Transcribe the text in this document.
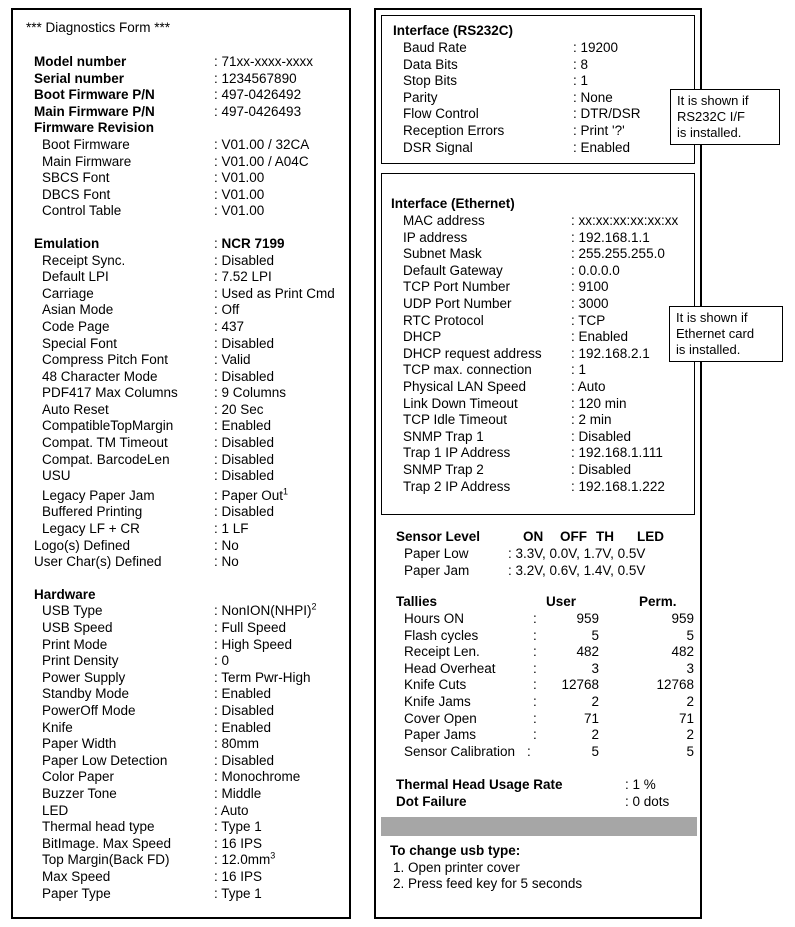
*** Diagnostics Form ***
Model number	: 71xx-xxxx-xxxx
Serial number	: 1234567890
Boot Firmware P/N	: 497-0426492
Main Firmware P/N	: 497-0426493
Firmware Revision
Boot Firmware	: V01.00 / 32CA
Main Firmware	: V01.00 / A04C
SBCS Font	: V01.00
DBCS Font	: V01.00
Control Table	: V01.00
Emulation	: NCR 7199
Receipt Sync.	: Disabled
Default LPI	: 7.52 LPI
Carriage	: Used as Print Cmd
Asian Mode	: Off
Code Page	: 437
Special Font	: Disabled
Compress Pitch Font	: Valid
48 Character Mode	: Disabled
PDF417 Max Columns	: 9 Columns
Auto Reset	: 20 Sec
CompatibleTopMargin	: Enabled
Compat. TM Timeout	: Disabled
Compat. BarcodeLen	: Disabled
USU	: Disabled
Legacy Paper Jam	: Paper Out$^1$
Buffered Printing	: Disabled
Legacy LF + CR	: 1 LF
Logo(s) Defined	: No
User Char(s) Defined	: No
Hardware
USB Type	: NonION(NHPI)$^2$
USB Speed	: Full Speed
Print Mode	: High Speed
Print Density	: 0
Power Supply	: Term Pwr-High
Standby Mode	: Enabled
PowerOff Mode	: Disabled
Knife	: Enabled
Paper Width	: 80mm
Paper Low Detection	: Disabled
Color Paper	: Monochrome
Buzzer Tone	: Middle
LED	: Auto
Thermal head type	: Type 1
BitImage. Max Speed	: 16 IPS
Top Margin(Back FD)	: $12.0mm^3$
Max Speed	: 16 IPS
Paper Type	: Type 1
Interface (RS232C)
Baud Rate	: 19200
Data Bits	: 8
Stop Bits	: 1
Parity	: None
Flow Control	: DTR/DSR
Reception Errors	: Print '?'
DSR Signal	: Enabled
Interface (Ethernet)
MAC address	: xx:xx:xx:xx:xx:xx
IP address	: 192.168.1.1
Subnet Mask	: 255.255.255.0
Default Gateway	: 0.0.0.0
TCP Port Number	: 9100
UDP Port Number	: 3000
RTC Protocol	: TCP
DHCP	: Enabled
DHCP request address : 192.168.2.1
TCP max. connection	: 1
Physical LAN Speed	: Auto
Link Down Timeout	: 120 min
TCP Idle Timeout	: 2 min
SNMP Trap 1	: Disabled
Trap 1 IP Address	: 192.168.1.111
SNMP Trap 2	: Disabled
Trap 2 IP Address	: 192.168.1.222
Sensor Level	ON OFF TH LED
Paper Low	: 3.3V, 0.0V, 1.7V, 0.5V
Paper Jam	: 3.2V, 0.6V, 1.4V, 0.5V
Tallies	User	Perm.
Hours ON	:	959	959
Flash cycles	:	5	5
Receipt Len.	:	482	482
Head Overheat	:	3	3
Knife Cuts	: 12768	12768
Knife Jams	:	2	2
Cover Open	:	71	71
Paper Jams	:	2	2
Sensor Calibration :	5	5
Thermal Head Usage Rate	: 1 %
Dot Failure	: 0 dots
To change usb type:
1. Open printer cover
2. Press feed key for 5 seconds
It is shown if
RS232C I/F
is installed.
It is shown if
Ethernet card
is installed.
